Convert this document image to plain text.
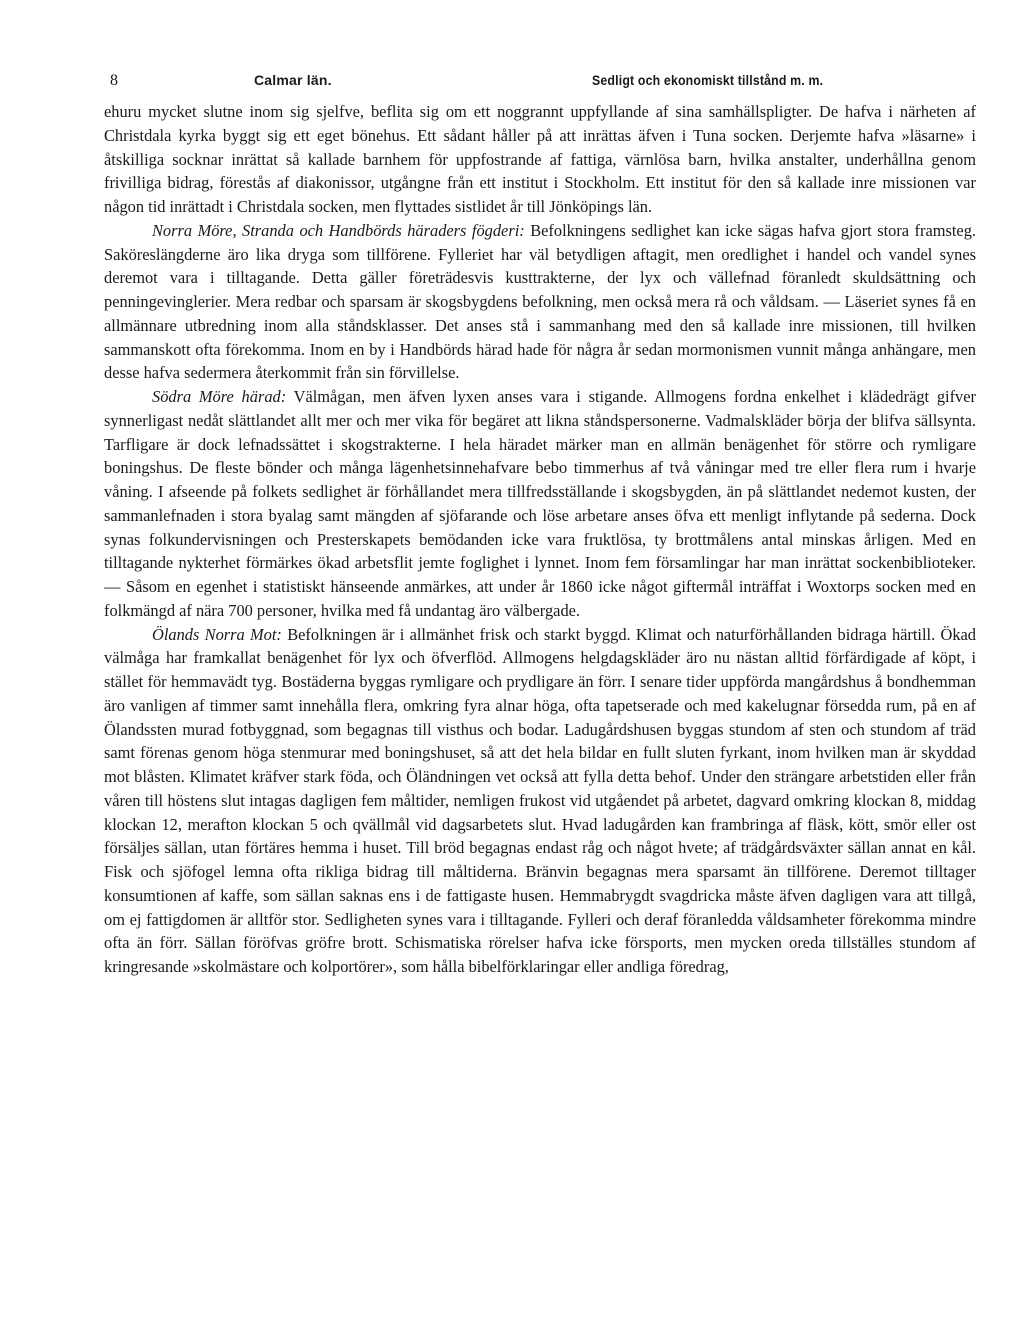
8	Calmar län.	Sedligt och ekonomiskt tillstånd m. m.

ehuru mycket slutne inom sig sjelfve, beflita sig om ett noggrannt uppfyllande af sina samhällspligter. De hafva i närheten af Christdala kyrka byggt sig ett eget bönehus. Ett sådant håller på att inrättas äfven i Tuna socken. Derjemte hafva »läsarne» i åtskilliga socknar inrättat så kallade barnhem för uppfostrande af fattiga, värnlösa barn, hvilka anstalter, underhållna genom frivilliga bidrag, förestås af diakonissor, utgångne från ett institut i Stockholm. Ett institut för den så kallade inre missionen var någon tid inrättadt i Christdala socken, men flyttades sistlidet år till Jönköpings län.

Norra Möre, Stranda och Handbörds häraders fögderi: Befolkningens sedlighet kan icke sägas hafva gjort stora framsteg. Saköreslängderne äro lika dryga som tillförene. Fylleriet har väl betydligen aftagit, men oredlighet i handel och vandel synes deremot vara i tilltagande. Detta gäller företrädesvis kusttrakterne, der lyx och vällefnad föranledt skuldsättning och penningevinglerier. Mera redbar och sparsam är skogsbygdens befolkning, men också mera rå och våldsam. — Läseriet synes få en allmännare utbredning inom alla ståndsklasser. Det anses stå i sammanhang med den så kallade inre missionen, till hvilken sammanskott ofta förekomma. Inom en by i Handbörds härad hade för några år sedan mormonismen vunnit många anhängare, men desse hafva sedermera återkommit från sin förvillelse.

Södra Möre härad: Välmågan, men äfven lyxen anses vara i stigande. Allmogens fordna enkelhet i klädedrägt gifver synnerligast nedåt slättlandet allt mer och mer vika för begäret att likna ståndspersonerne. Vadmalskläder börja der blifva sällsynta. Tarfligare är dock lefnadssättet i skogstrakterne. I hela häradet märker man en allmän benägenhet för större och rymligare boningshus. De fleste bönder och många lägenhetsinnehafvare bebo timmerhus af två våningar med tre eller flera rum i hvarje våning. I afseende på folkets sedlighet är förhållandet mera tillfredsställande i skogsbygden, än på slättlandet nedemot kusten, der sammanlefnaden i stora byalag samt mängden af sjöfarande och löse arbetare anses öfva ett menligt inflytande på sederna. Dock synas folkundervisningen och Presterskapets bemödanden icke vara fruktlösa, ty brottmålens antal minskas årligen. Med en tilltagande nykterhet förmärkes ökad arbetsflit jemte foglighet i lynnet. Inom fem församlingar har man inrättat sockenbiblioteker. — Såsom en egenhet i statistiskt hänseende anmärkes, att under år 1860 icke något giftermål inträffat i Woxtorps socken med en folkmängd af nära 700 personer, hvilka med få undantag äro välbergade.

Ölands Norra Mot: Befolkningen är i allmänhet frisk och starkt byggd. Klimat och naturförhållanden bidraga härtill. Ökad välmåga har framkallat benägenhet för lyx och öfverflöd. Allmogens helgdagskläder äro nu nästan alltid förfärdigade af köpt, i stället för hemmavädt tyg. Bostäderna byggas rymligare och prydligare än förr. I senare tider uppförda mangårdshus å bondhemman äro vanligen af timmer samt innehålla flera, omkring fyra alnar höga, ofta tapetserade och med kakelugnar försedda rum, på en af Ölandssten murad fotbyggnad, som begagnas till visthus och bodar. Ladugårdshusen byggas stundom af sten och stundom af träd samt förenas genom höga stenmurar med boningshuset, så att det hela bildar en fullt sluten fyrkant, inom hvilken man är skyddad mot blåsten. Klimatet kräfver stark föda, och Öländningen vet också att fylla detta behof. Under den strängare arbetstiden eller från våren till höstens slut intagas dagligen fem måltider, nemligen frukost vid utgåendet på arbetet, dagvard omkring klockan 8, middag klockan 12, merafton klockan 5 och qvällmål vid dagsarbetets slut. Hvad ladugården kan frambringa af fläsk, kött, smör eller ost försäljes sällan, utan förtäres hemma i huset. Till bröd begagnas endast råg och något hvete; af trädgårdsväxter sällan annat en kål. Fisk och sjöfogel lemna ofta rikliga bidrag till måltiderna. Bränvin begagnas mera sparsamt än tillförene. Deremot tilltager konsumtionen af kaffe, som sällan saknas ens i de fattigaste husen. Hemmabrygdt svagdricka måste äfven dagligen vara att tillgå, om ej fattigdomen är alltför stor. Sedligheten synes vara i tilltagande. Fylleri och deraf föranledda våldsamheter förekomma mindre ofta än förr. Sällan föröfvas gröfre brott. Schismatiska rörelser hafva icke försports, men mycken oreda tillställes stundom af kringresande »skolmästare och kolportörer», som hålla bibelförklaringar eller andliga föredrag,
